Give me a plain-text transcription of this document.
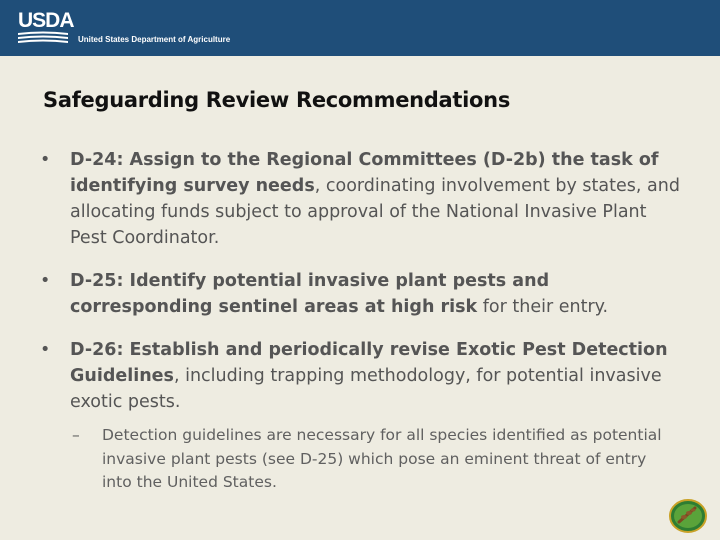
USDA
United States Department of Agriculture
Safeguarding Review Recommendations
• D-24: Assign to the Regional Committees (D-2b) the task of identifying survey needs, coordinating involvement by states, and allocating funds subject to approval of the National Invasive Plant Pest Coordinator.
• D-25: Identify potential invasive plant pests and corresponding sentinel areas at high risk for their entry.
• D-26: Establish and periodically revise Exotic Pest Detection Guidelines, including trapping methodology, for potential invasive exotic pests.
– Detection guidelines are necessary for all species identified as potential invasive plant pests (see D-25) which pose an eminent threat of entry into the United States.
